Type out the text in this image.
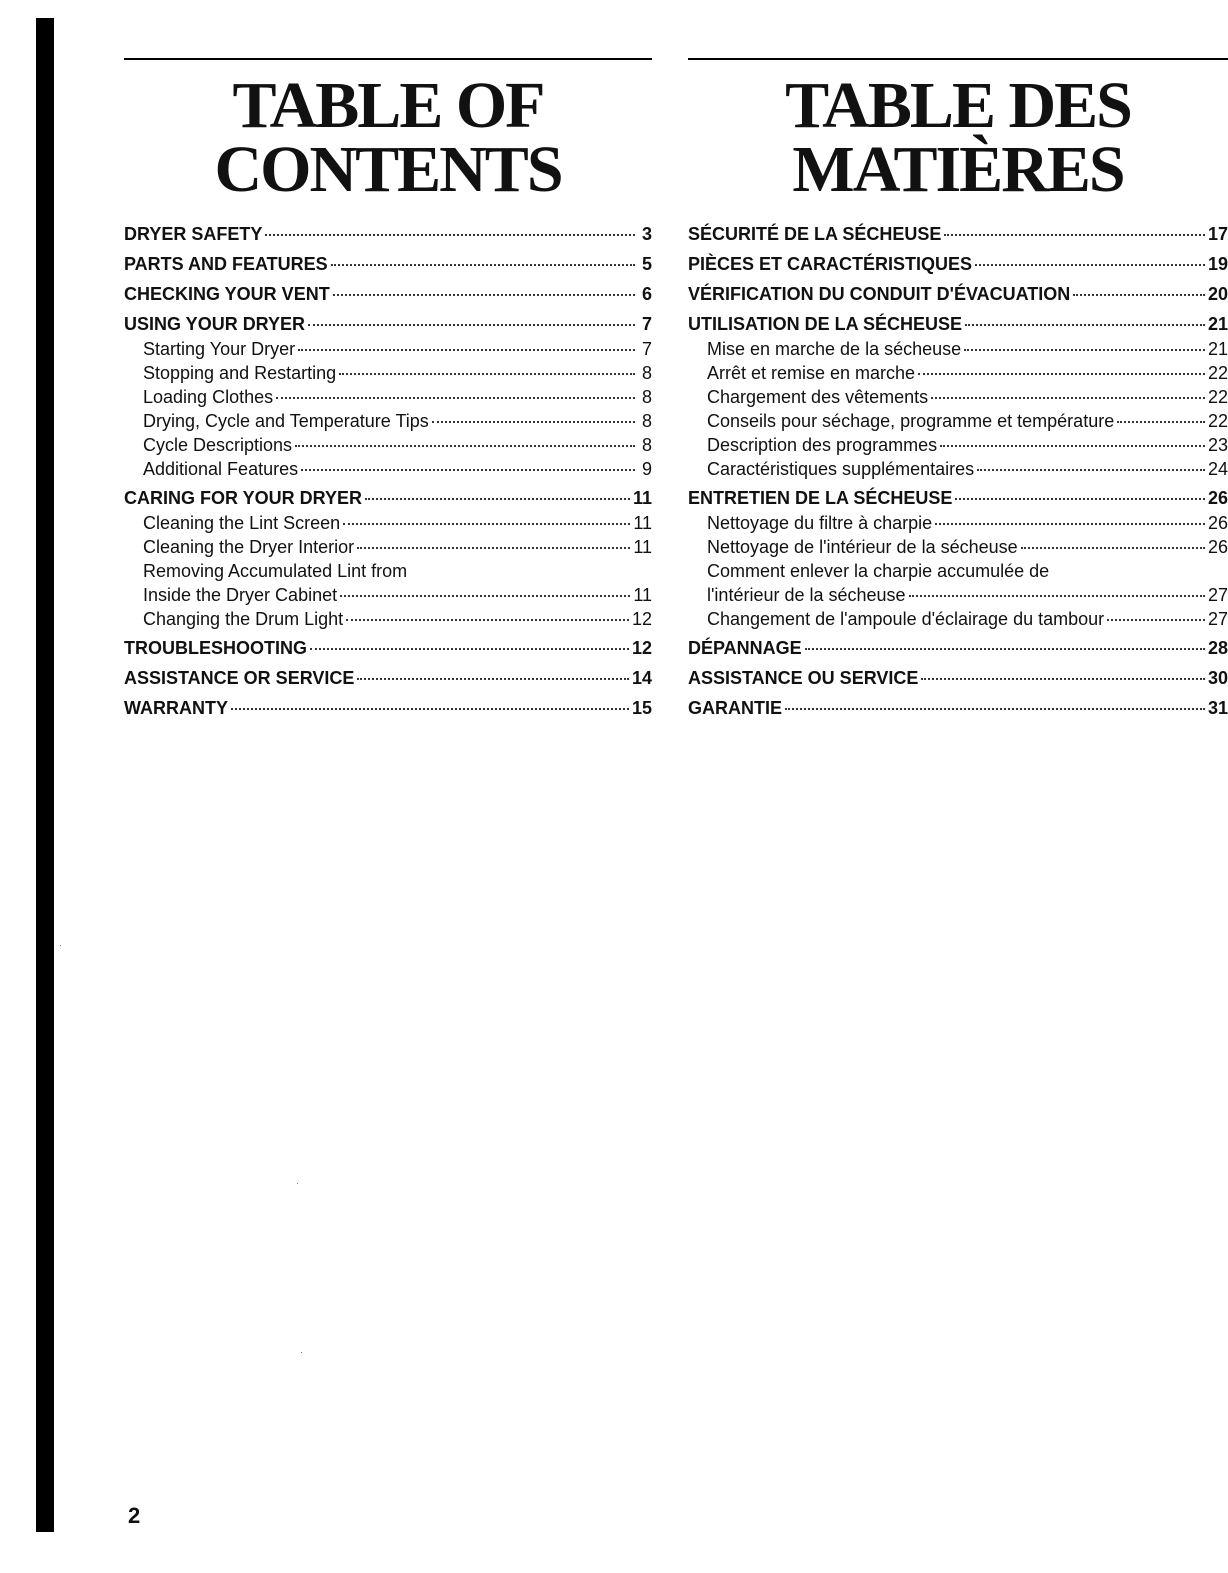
TABLE OF
CONTENTS
DRYER SAFETY	3
PARTS AND FEATURES	5
CHECKING YOUR VENT	6
USING YOUR DRYER	7
Starting Your Dryer	7
Stopping and Restarting	8
Loading Clothes	8
Drying, Cycle and Temperature Tips	8
Cycle Descriptions	8
Additional Features	9
CARING FOR YOUR DRYER	11
Cleaning the Lint Screen	11
Cleaning the Dryer Interior	11
Removing Accumulated Lint from
Inside the Dryer Cabinet	11
Changing the Drum Light	12
TROUBLESHOOTING	12
ASSISTANCE OR SERVICE	14
WARRANTY	15
TABLE DES
MATIÈRES
SÉCURITÉ DE LA SÉCHEUSE	17
PIÈCES ET CARACTÉRISTIQUES	19
VÉRIFICATION DU CONDUIT D'ÉVACUATION	20
UTILISATION DE LA SÉCHEUSE	21
Mise en marche de la sécheuse	21
Arrêt et remise en marche	22
Chargement des vêtements	22
Conseils pour séchage, programme et température	22
Description des programmes	23
Caractéristiques supplémentaires	24
ENTRETIEN DE LA SÉCHEUSE	26
Nettoyage du filtre à charpie	26
Nettoyage de l'intérieur de la sécheuse	26
Comment enlever la charpie accumulée de
l'intérieur de la sécheuse	27
Changement de l'ampoule d'éclairage du tambour	27
DÉPANNAGE	28
ASSISTANCE OU SERVICE	30
GARANTIE	31
2
